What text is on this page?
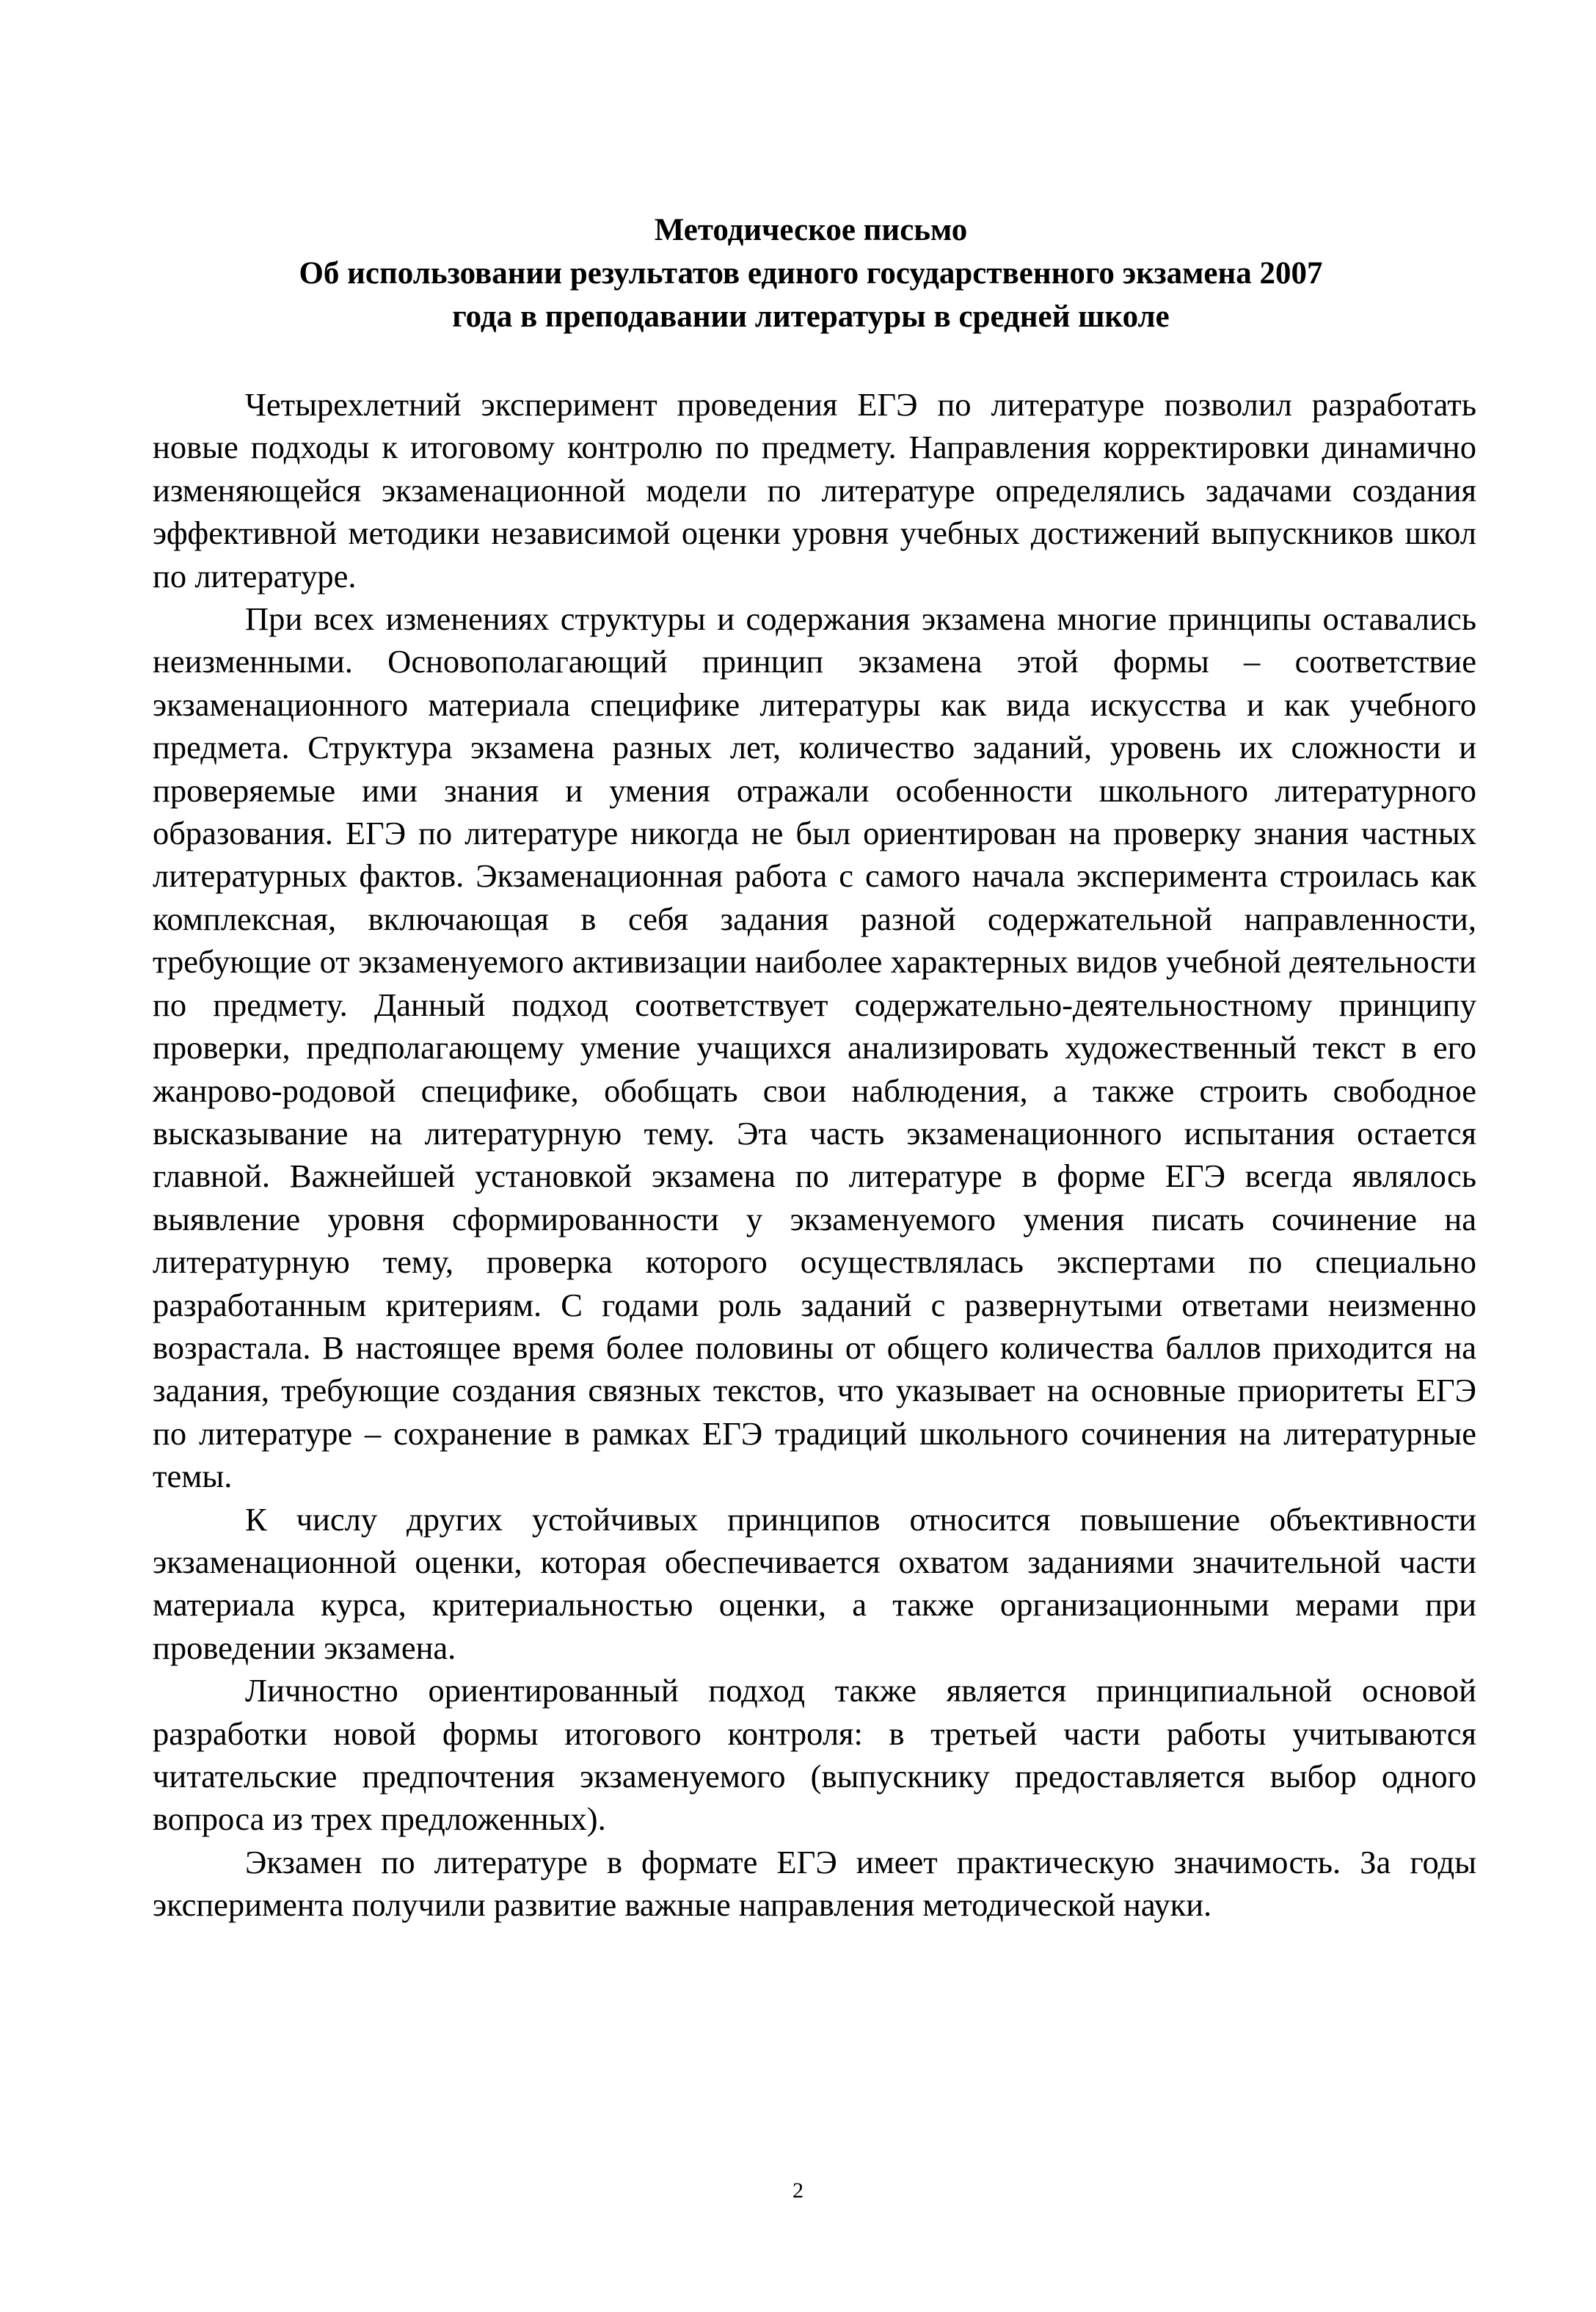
Методическое письмо
Об использовании результатов единого государственного экзамена 2007
года в преподавании литературы в средней школе

Четырехлетний эксперимент проведения ЕГЭ по литературе позволил разработать новые подходы к итоговому контролю по предмету. Направления корректировки динамично изменяющейся экзаменационной модели по литературе определялись задачами создания эффективной методики независимой оценки уровня учебных достижений выпускников школ по литературе.

При всех изменениях структуры и содержания экзамена многие принципы оставались неизменными. Основополагающий принцип экзамена этой формы – соответствие экзаменационного материала специфике литературы как вида искусства и как учебного предмета. Структура экзамена разных лет, количество заданий, уровень их сложности и проверяемые ими знания и умения отражали особенности школьного литературного образования. ЕГЭ по литературе никогда не был ориентирован на проверку знания частных литературных фактов. Экзаменационная работа с самого начала эксперимента строилась как комплексная, включающая в себя задания разной содержательной направленности, требующие от экзаменуемого активизации наиболее характерных видов учебной деятельности по предмету. Данный подход соответствует содержательно-деятельностному принципу проверки, предполагающему умение учащихся анализировать художественный текст в его жанрово-родовой специфике, обобщать свои наблюдения, а также строить свободное высказывание на литературную тему. Эта часть экзаменационного испытания остается главной. Важнейшей установкой экзамена по литературе в форме ЕГЭ всегда являлось выявление уровня сформированности у экзаменуемого умения писать сочинение на литературную тему, проверка которого осуществлялась экспертами по специально разработанным критериям. С годами роль заданий с развернутыми ответами неизменно возрастала. В настоящее время более половины от общего количества баллов приходится на задания, требующие создания связных текстов, что указывает на основные приоритеты ЕГЭ по литературе – сохранение в рамках ЕГЭ традиций школьного сочинения на литературные темы.

К числу других устойчивых принципов относится повышение объективности экзаменационной оценки, которая обеспечивается охватом заданиями значительной части материала курса, критериальностью оценки, а также организационными мерами при проведении экзамена.

Личностно ориентированный подход также является принципиальной основой разработки новой формы итогового контроля: в третьей части работы учитываются читательские предпочтения экзаменуемого (выпускнику предоставляется выбор одного вопроса из трех предложенных).

Экзамен по литературе в формате ЕГЭ имеет практическую значимость. За годы эксперимента получили развитие важные направления методической науки.

2
